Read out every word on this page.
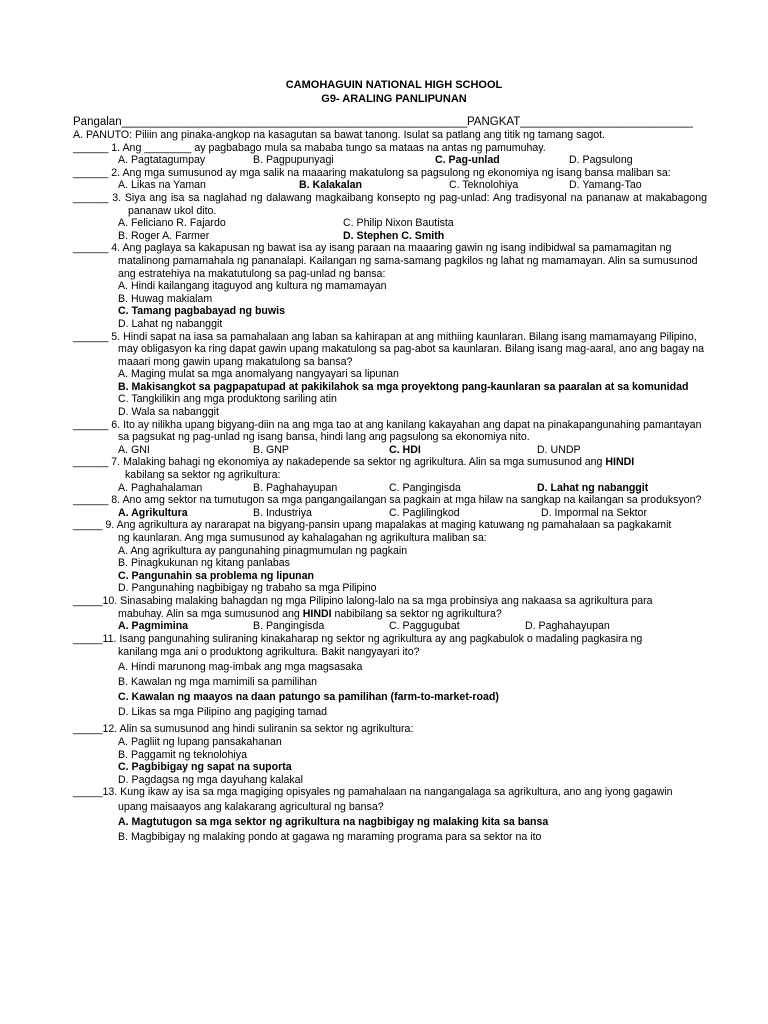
CAMOHAGUIN NATIONAL HIGH SCHOOL
G9- ARALING PANLIPUNAN
Pangalan______________________________________________________PANGKAT___________________________
A. PANUTO: Piliin ang pinaka-angkop na kasagutan sa bawat tanong. Isulat sa patlang ang titik ng tamang sagot.
______ 1. Ang ________ ay pagbabago mula sa mababa tungo sa mataas na antas ng pamumuhay.
A. Pagtatagumpay	B. Pagpupunyagi	C. Pag-unlad	D. Pagsulong
______ 2. Ang mga sumusunod ay mga salik na maaaring makatulong sa pagsulong ng ekonomiya ng isang bansa maliban sa:
A. Likas na Yaman	B. Kalakalan	C. Teknolohiya	D. Yamang-Tao
______ 3. Siya ang isa sa naglahad ng dalawang magkaibang konsepto ng pag-unlad: Ang tradisyonal na pananaw at makabagong pananaw ukol dito.
A. Feliciano R. Fajardo	C. Philip Nixon Bautista
B. Roger A. Farmer	D. Stephen C. Smith
______ 4. Ang paglaya sa kakapusan ng bawat isa ay isang paraan na maaaring gawin ng isang indibidwal sa pamamagitan ng matalinong pamamahala ng pananalapi. Kailangan ng sama-samang pagkilos ng lahat ng mamamayan. Alin sa sumusunod ang estratehiya na makatutulong sa pag-unlad ng bansa:
A. Hindi kailangang itaguyod ang kultura ng mamamayan
B. Huwag makialam
C. Tamang pagbabayad ng buwis
D. Lahat ng nabanggit
______ 5. Hindi sapat na iasa sa pamahalaan ang laban sa kahirapan at ang mithiing kaunlaran. Bilang isang mamamayang Pilipino, may obligasyon ka ring dapat gawin upang makatulong sa pag-abot sa kaunlaran. Bilang isang mag-aaral, ano ang bagay na maaari mong gawin upang makatulong sa bansa?
A. Maging mulat sa mga anomalyang nangyayari sa lipunan
B. Makisangkot sa pagpapatupad at pakikilahok sa mga proyektong pang-kaunlaran sa paaralan at sa komunidad
C. Tangkilikin ang mga produktong sariling atin
D. Wala sa nabanggit
______ 6. Ito ay nilikha upang bigyang-diin na ang mga tao at ang kanilang kakayahan ang dapat na pinakapangunahing pamantayan sa pagsukat ng pag-unlad ng isang bansa, hindi lang ang pagsulong sa ekonomiya nito.
A. GNI	B. GNP	C. HDI	D. UNDP
______ 7. Malaking bahagi ng ekonomiya ay nakadepende sa sektor ng agrikultura. Alin sa mga sumusunod ang HINDI
kabilang sa sektor ng agrikultura:
A. Paghahalaman	B. Paghahayupan	C. Pangingisda	D. Lahat ng nabanggit
______ 8. Ano amg sektor na tumutugon sa mga pangangailangan sa pagkain at mga hilaw na sangkap na kailangan sa produksyon?
A. Agrikultura	B. Industriya	C. Paglilingkod	D. Impormal na Sektor
_____ 9. Ang agrikultura ay nararapat na bigyang-pansin upang mapalakas at maging katuwang ng pamahalaan sa pagkakamit
ng kaunlaran. Ang mga sumusunod ay kahalagahan ng agrikultura maliban sa:
A. Ang agrikultura ay pangunahing pinagmumulan ng pagkain
B. Pinagkukunan ng kitang panlabas
C. Pangunahin sa problema ng lipunan
D. Pangunahing nagbibigay ng trabaho sa mga Pilipino
_____10. Sinasabing malaking bahagdan ng mga Pilipino lalong-lalo na sa mga probinsiya ang nakaasa sa agrikultura para
mabuhay. Alin sa mga sumusunod ang HINDI nabibilang sa sektor ng agrikultura?
A. Pagmimina	B. Pangingisda	C. Paggugubat	D. Paghahayupan
_____11. Isang pangunahing suliraning kinakaharap ng sektor ng agrikultura ay ang pagkabulok o madaling pagkasira ng
kanilang mga ani o produktong agrikultura. Bakit nangyayari ito?
A. Hindi marunong mag-imbak ang mga magsasaka
B. Kawalan ng mga mamimili sa pamilihan
C. Kawalan ng maayos na daan patungo sa pamilihan (farm-to-market-road)
D. Likas sa mga Pilipino ang pagiging tamad
_____12. Alin sa sumusunod ang hindi suliranin sa sektor ng agrikultura:
A. Pagliit ng lupang pansakahanan
B. Paggamit ng teknolohiya
C. Pagbibigay ng sapat na suporta
D. Pagdagsa ng mga dayuhang kalakal
_____13. Kung ikaw ay isa sa mga magiging opisyales ng pamahalaan na nangangalaga sa agrikultura, ano ang iyong gagawin
upang maisaayos ang kalakarang agricultural ng bansa?
A. Magtutugon sa mga sektor ng agrikultura na nagbibigay ng malaking kita sa bansa
B. Magbibigay ng malaking pondo at gagawa ng maraming programa para sa sektor na ito
